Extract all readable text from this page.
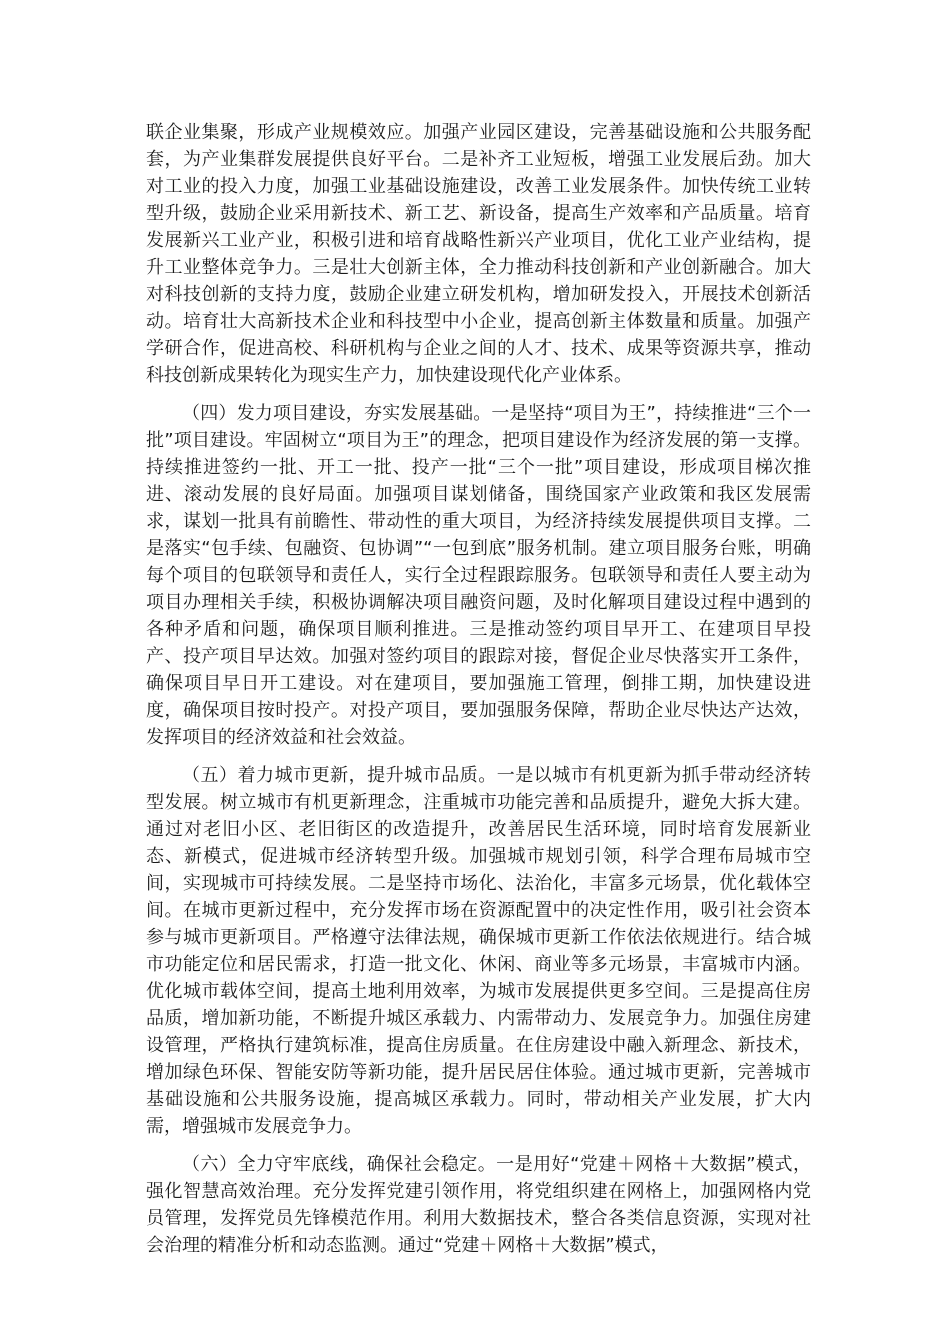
联企业集聚，形成产业规模效应。加强产业园区建设，完善基础设施和公共服务配套，为产业集群发展提供良好平台。二是补齐工业短板，增强工业发展后劲。加大对工业的投入力度，加强工业基础设施建设，改善工业发展条件。加快传统工业转型升级，鼓励企业采用新技术、新工艺、新设备，提高生产效率和产品质量。培育发展新兴工业产业，积极引进和培育战略性新兴产业项目，优化工业产业结构，提升工业整体竞争力。三是壮大创新主体，全力推动科技创新和产业创新融合。加大对科技创新的支持力度，鼓励企业建立研发机构，增加研发投入，开展技术创新活动。培育壮大高新技术企业和科技型中小企业，提高创新主体数量和质量。加强产学研合作，促进高校、科研机构与企业之间的人才、技术、成果等资源共享，推动科技创新成果转化为现实生产力，加快建设现代化产业体系。

（四）发力项目建设，夯实发展基础。一是坚持“项目为王”，持续推进“三个一批”项目建设。牢固树立“项目为王”的理念，把项目建设作为经济发展的第一支撑。持续推进签约一批、开工一批、投产一批“三个一批”项目建设，形成项目梯次推进、滚动发展的良好局面。加强项目谋划储备，围绕国家产业政策和我区发展需求，谋划一批具有前瞻性、带动性的重大项目，为经济持续发展提供项目支撑。二是落实“包手续、包融资、包协调”“一包到底”服务机制。建立项目服务台账，明确每个项目的包联领导和责任人，实行全过程跟踪服务。包联领导和责任人要主动为项目办理相关手续，积极协调解决项目融资问题，及时化解项目建设过程中遇到的各种矛盾和问题，确保项目顺利推进。三是推动签约项目早开工、在建项目早投产、投产项目早达效。加强对签约项目的跟踪对接，督促企业尽快落实开工条件，确保项目早日开工建设。对在建项目，要加强施工管理，倒排工期，加快建设进度，确保项目按时投产。对投产项目，要加强服务保障，帮助企业尽快达产达效，发挥项目的经济效益和社会效益。

（五）着力城市更新，提升城市品质。一是以城市有机更新为抓手带动经济转型发展。树立城市有机更新理念，注重城市功能完善和品质提升，避免大拆大建。通过对老旧小区、老旧街区的改造提升，改善居民生活环境，同时培育发展新业态、新模式，促进城市经济转型升级。加强城市规划引领，科学合理布局城市空间，实现城市可持续发展。二是坚持市场化、法治化，丰富多元场景，优化载体空间。在城市更新过程中，充分发挥市场在资源配置中的决定性作用，吸引社会资本参与城市更新项目。严格遵守法律法规，确保城市更新工作依法依规进行。结合城市功能定位和居民需求，打造一批文化、休闲、商业等多元场景，丰富城市内涵。优化城市载体空间，提高土地利用效率，为城市发展提供更多空间。三是提高住房品质，增加新功能，不断提升城区承载力、内需带动力、发展竞争力。加强住房建设管理，严格执行建筑标准，提高住房质量。在住房建设中融入新理念、新技术，增加绿色环保、智能安防等新功能，提升居民居住体验。通过城市更新，完善城市基础设施和公共服务设施，提高城区承载力。同时，带动相关产业发展，扩大内需，增强城市发展竞争力。

（六）全力守牢底线，确保社会稳定。一是用好“党建＋网格＋大数据”模式，强化智慧高效治理。充分发挥党建引领作用，将党组织建在网格上，加强网格内党员管理，发挥党员先锋模范作用。利用大数据技术，整合各类信息资源，实现对社会治理的精准分析和动态监测。通过“党建＋网格＋大数据”模式，
